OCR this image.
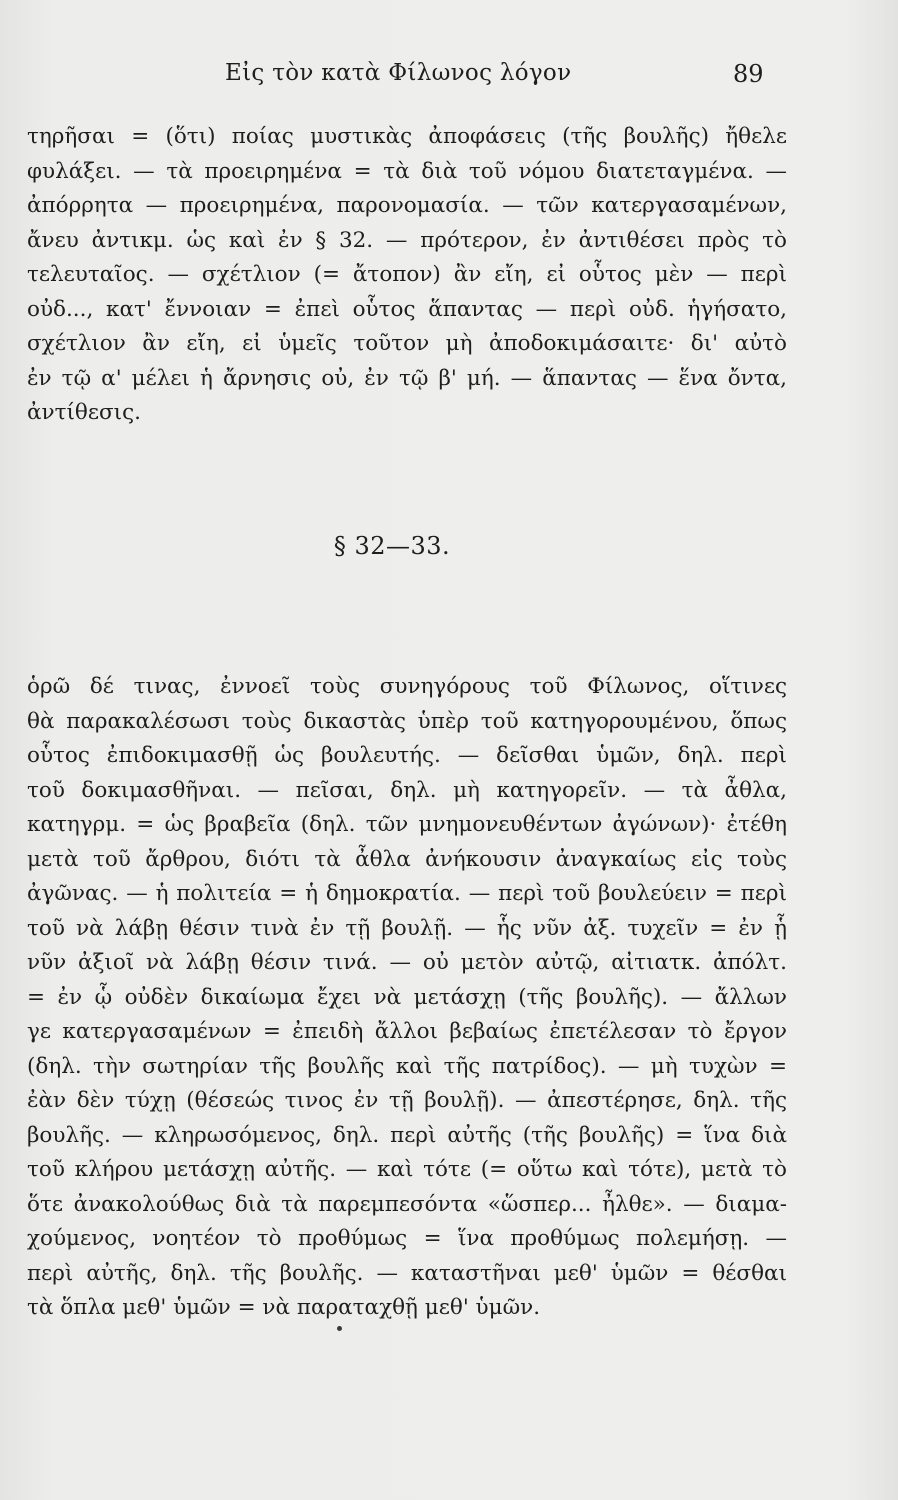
Εἰς τὸν κατὰ Φίλωνος λόγον	89
τηρῆσαι = (ὅτι) ποίας μυστικὰς ἀποφάσεις (τῆς βουλῆς) ἤθελε
φυλάξει. — τὰ προειρημένα = τὰ διὰ τοῦ νόμου διατεταγμένα. —
ἀπόρρητα — προειρημένα, παρονομασία. — τῶν κατεργασαμένων,
ἄνευ ἀντικμ. ὡς καὶ ἐν § 32. — πρότερον, ἐν ἀντιθέσει πρὸς τὸ
τελευταῖος. — σχέτλιον (= ἄτοπον) ἂν εἴη, εἰ οὗτος μὲν — περὶ
οὐδ..., κατ' ἔννοιαν = ἐπεὶ οὗτος ἅπαντας — περὶ οὐδ. ἡγήσατο,
σχέτλιον ἂν εἴη, εἰ ὑμεῖς τοῦτον μὴ ἀποδοκιμάσαιτε· δι' αὐτὸ
ἐν τῷ α' μέλει ἡ ἄρνησις οὐ, ἐν τῷ β' μή. — ἅπαντας — ἕνα ὄντα,
ἀντίθεσις.
§ 32—33.
ὁρῶ δέ τινας, ἐννοεῖ τοὺς συνηγόρους τοῦ Φίλωνος, οἵτινες
θὰ παρακαλέσωσι τοὺς δικαστὰς ὑπὲρ τοῦ κατηγορουμένου, ὅπως
οὗτος ἐπιδοκιμασθῇ ὡς βουλευτής. — δεῖσθαι ὑμῶν, δηλ. περὶ
τοῦ δοκιμασθῆναι. — πεῖσαι, δηλ. μὴ κατηγορεῖν. — τὰ ἆθλα,
κατηγρμ. = ὡς βραβεῖα (δηλ. τῶν μνημονευθέντων ἀγώνων)· ἐτέθη
μετὰ τοῦ ἄρθρου, διότι τὰ ἆθλα ἀνήκουσιν ἀναγκαίως εἰς τοὺς
ἀγῶνας. — ἡ πολιτεία = ἡ δημοκρατία. — περὶ τοῦ βουλεύειν = περὶ
τοῦ νὰ λάβῃ θέσιν τινὰ ἐν τῇ βουλῇ. — ἧς νῦν ἀξ. τυχεῖν = ἐν ᾗ
νῦν ἀξιοῖ νὰ λάβῃ θέσιν τινά. — οὐ μετὸν αὐτῷ, αἰτιατκ. ἀπόλτ.
= ἐν ᾧ οὐδὲν δικαίωμα ἔχει νὰ μετάσχῃ (τῆς βουλῆς). — ἄλλων
γε κατεργασαμένων = ἐπειδὴ ἄλλοι βεβαίως ἐπετέλεσαν τὸ ἔργον
(δηλ. τὴν σωτηρίαν τῆς βουλῆς καὶ τῆς πατρίδος). — μὴ τυχὼν =
ἐὰν δὲν τύχῃ (θέσεώς τινος ἐν τῇ βουλῇ). — ἀπεστέρησε, δηλ. τῆς
βουλῆς. — κληρωσόμενος, δηλ. περὶ αὐτῆς (τῆς βουλῆς) = ἵνα διὰ
τοῦ κλήρου μετάσχῃ αὐτῆς. — καὶ τότε (= οὕτω καὶ τότε), μετὰ τὸ
ὅτε ἀνακολούθως διὰ τὰ παρεμπεσόντα «ὥσπερ... ἦλθε». — διαμα-
χούμενος, νοητέον τὸ προθύμως = ἵνα προθύμως πολεμήσῃ. —
περὶ αὐτῆς, δηλ. τῆς βουλῆς. — καταστῆναι μεθ' ὑμῶν = θέσθαι
τὰ ὅπλα μεθ' ὑμῶν = νὰ παραταχθῇ μεθ' ὑμῶν.
